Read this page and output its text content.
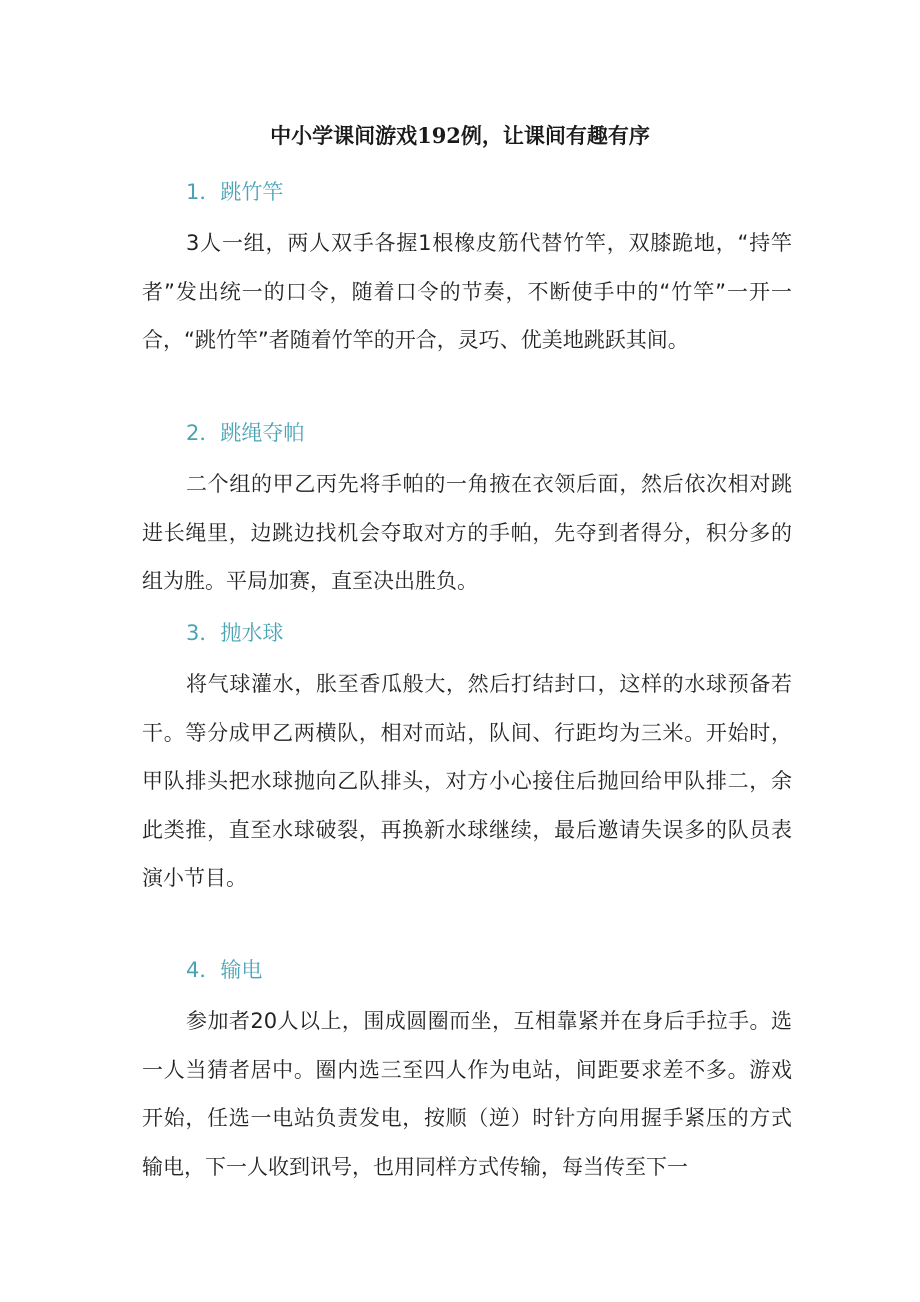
中小学课间游戏192例，让课间有趣有序
1．跳竹竿

3人一组，两人双手各握1根橡皮筋代替竹竿，双膝跪地，“持竿者”发出统一的口令，随着口令的节奏，不断使手中的“竹竿”一开一合，“跳竹竿”者随着竹竿的开合，灵巧、优美地跳跃其间。

2．跳绳夺帕

二个组的甲乙丙先将手帕的一角掖在衣领后面，然后依次相对跳进长绳里，边跳边找机会夺取对方的手帕，先夺到者得分，积分多的组为胜。平局加赛，直至决出胜负。

3．抛水球

将气球灌水，胀至香瓜般大，然后打结封口，这样的水球预备若干。等分成甲乙两横队，相对而站，队间、行距均为三米。开始时，甲队排头把水球抛向乙队排头，对方小心接住后抛回给甲队排二，余此类推，直至水球破裂，再换新水球继续，最后邀请失误多的队员表演小节目。

4．输电

参加者20人以上，围成圆圈而坐，互相靠紧并在身后手拉手。选一人当猜者居中。圈内选三至四人作为电站，间距要求差不多。游戏开始，任选一电站负责发电，按顺（逆）时针方向用握手紧压的方式输电，下一人收到讯号，也用同样方式传输，每当传至下一
